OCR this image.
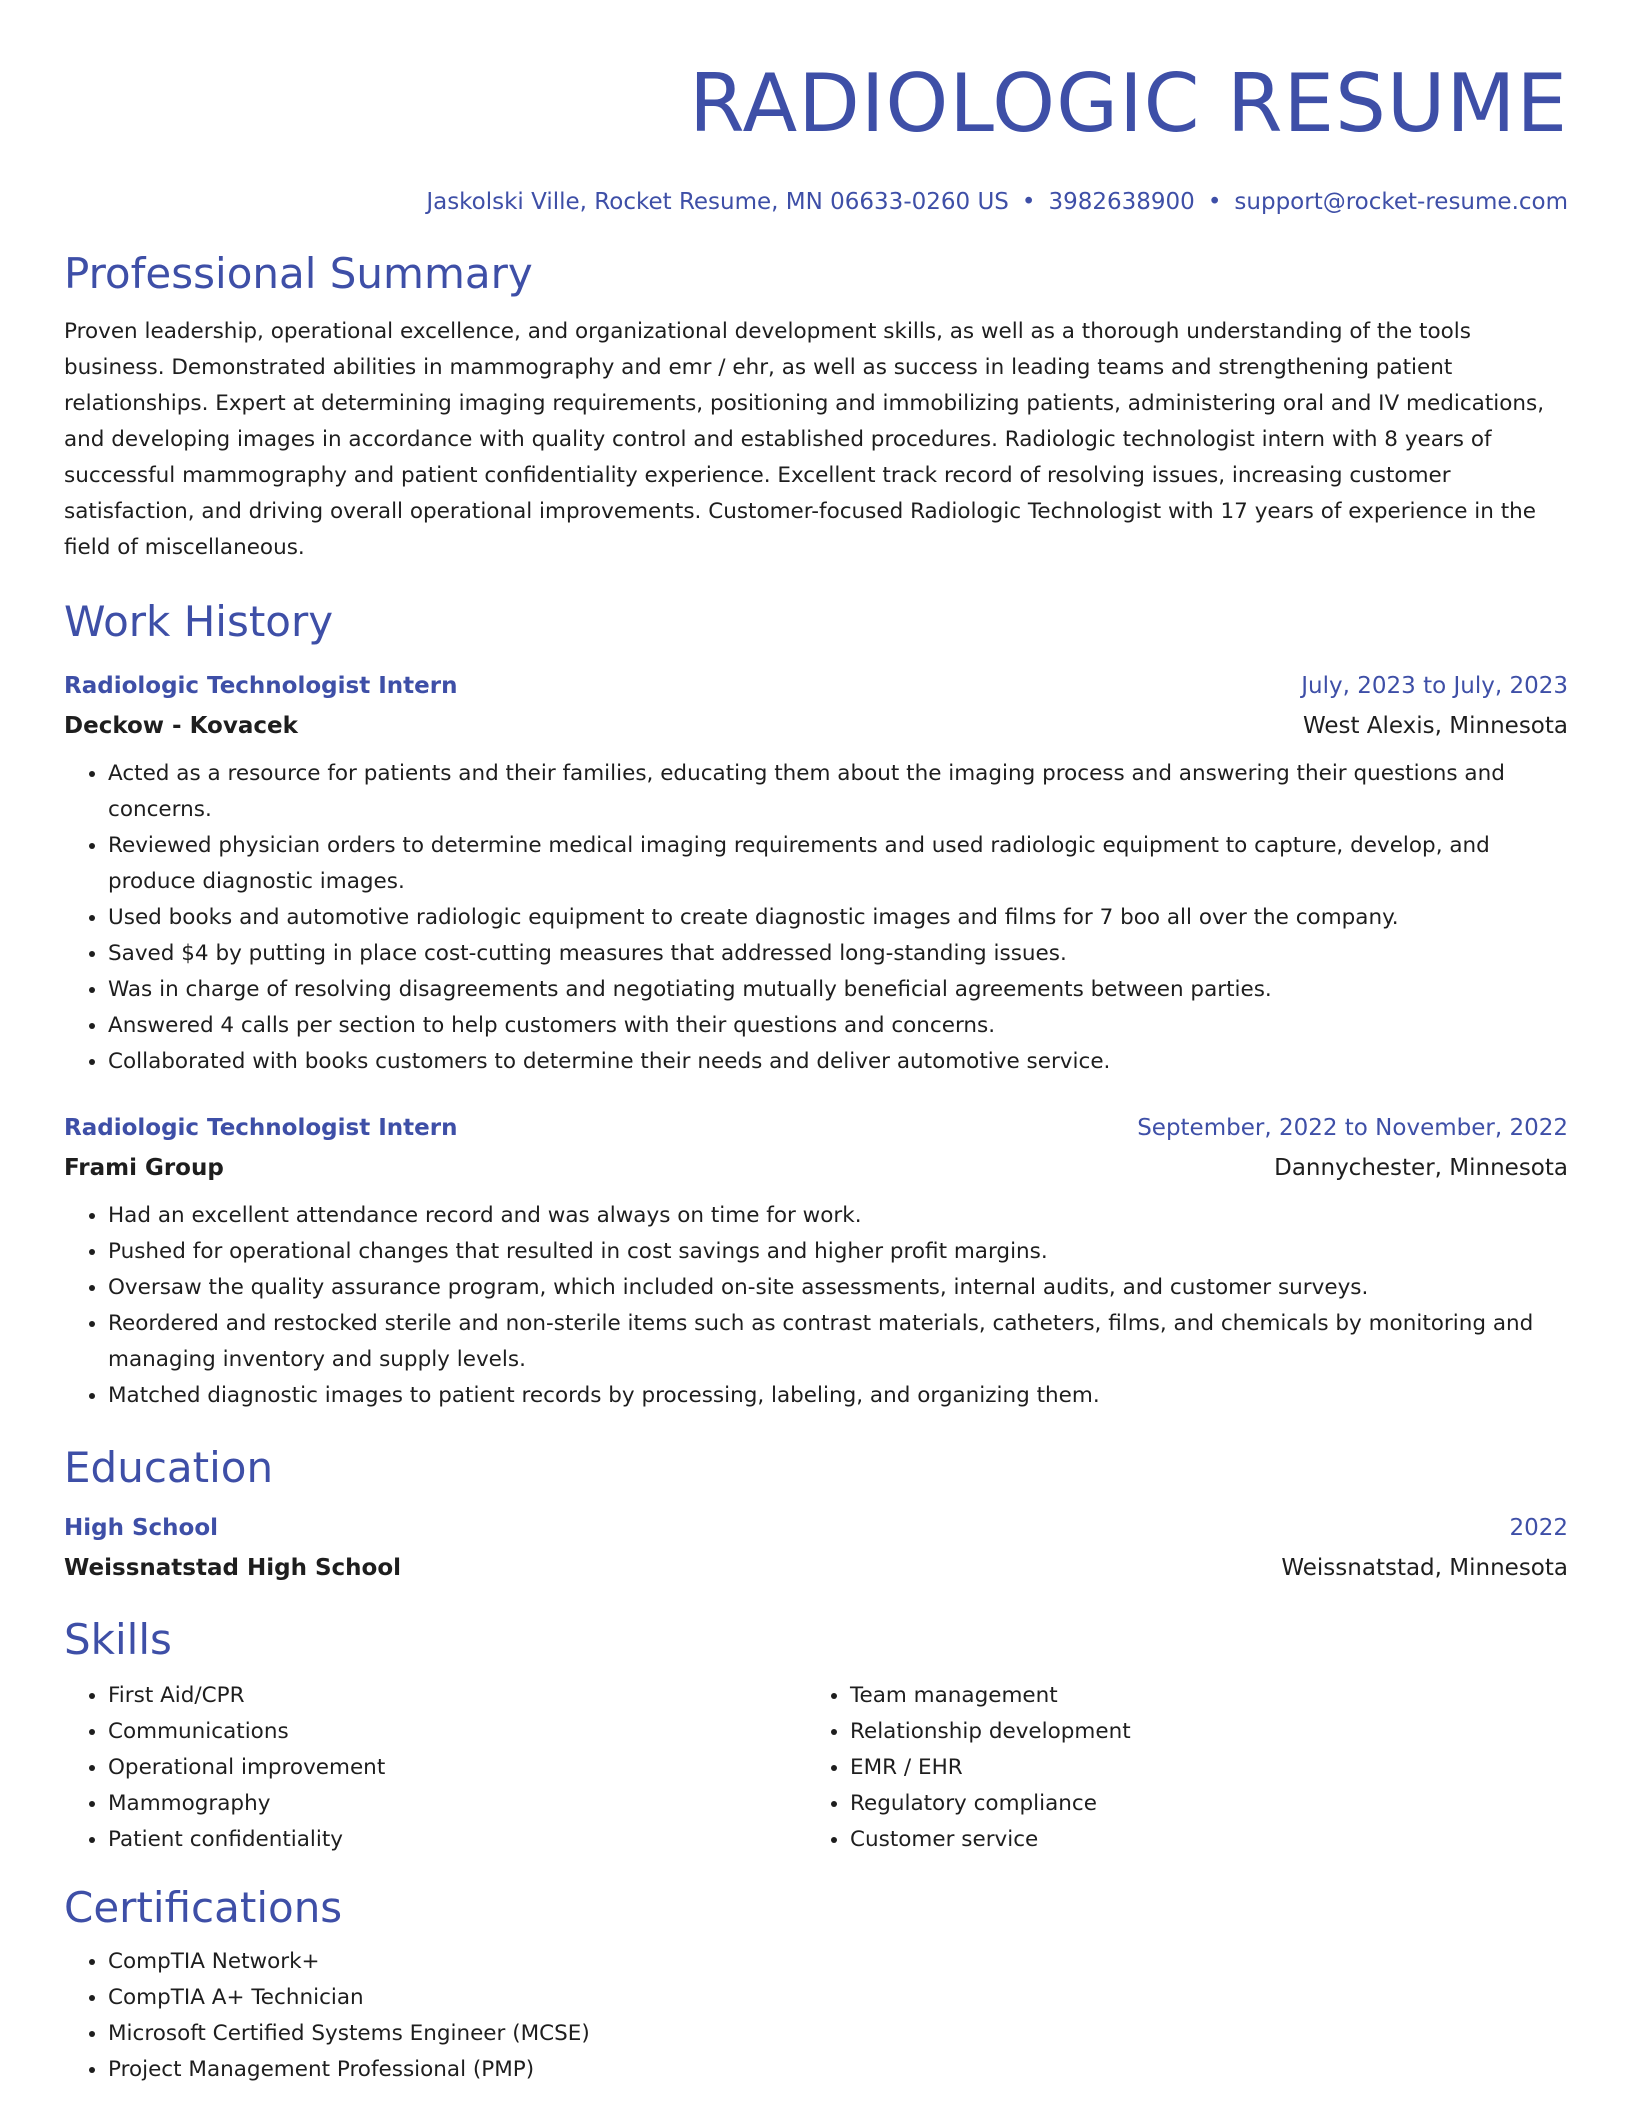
RADIOLOGIC RESUME
Jaskolski Ville, Rocket Resume, MN 06633-0260 US • 3982638900 • support@rocket-resume.com
Professional Summary

Proven leadership, operational excellence, and organizational development skills, as well as a thorough understanding of the tools business. Demonstrated abilities in mammography and emr / ehr, as well as success in leading teams and strengthening patient relationships. Expert at determining imaging requirements, positioning and immobilizing patients, administering oral and IV medications, and developing images in accordance with quality control and established procedures. Radiologic technologist intern with 8 years of successful mammography and patient confidentiality experience. Excellent track record of resolving issues, increasing customer satisfaction, and driving overall operational improvements. Customer-focused Radiologic Technologist with 17 years of experience in the field of miscellaneous.

Work History
Radiologic Technologist Intern	July, 2023 to July, 2023
Deckow - Kovacek	West Alexis, Minnesota
• Acted as a resource for patients and their families, educating them about the imaging process and answering their questions and concerns.
• Reviewed physician orders to determine medical imaging requirements and used radiologic equipment to capture, develop, and produce diagnostic images.
• Used books and automotive radiologic equipment to create diagnostic images and films for 7 boo all over the company.
• Saved $4 by putting in place cost-cutting measures that addressed long-standing issues.
• Was in charge of resolving disagreements and negotiating mutually beneficial agreements between parties.
• Answered 4 calls per section to help customers with their questions and concerns.
• Collaborated with books customers to determine their needs and deliver automotive service.
Radiologic Technologist Intern	September, 2022 to November, 2022
Frami Group	Dannychester, Minnesota
• Had an excellent attendance record and was always on time for work.
• Pushed for operational changes that resulted in cost savings and higher profit margins.
• Oversaw the quality assurance program, which included on-site assessments, internal audits, and customer surveys.
• Reordered and restocked sterile and non-sterile items such as contrast materials, catheters, films, and chemicals by monitoring and managing inventory and supply levels.
• Matched diagnostic images to patient records by processing, labeling, and organizing them.
Education
High School	2022
Weissnatstad High School	Weissnatstad, Minnesota
Skills
• First Aid/CPR
• Communications
• Operational improvement
• Mammography
• Patient confidentiality
• Team management
• Relationship development
• EMR / EHR
• Regulatory compliance
• Customer service
Certifications
• CompTIA Network+
• CompTIA A+ Technician
• Microsoft Certified Systems Engineer (MCSE)
• Project Management Professional (PMP)
